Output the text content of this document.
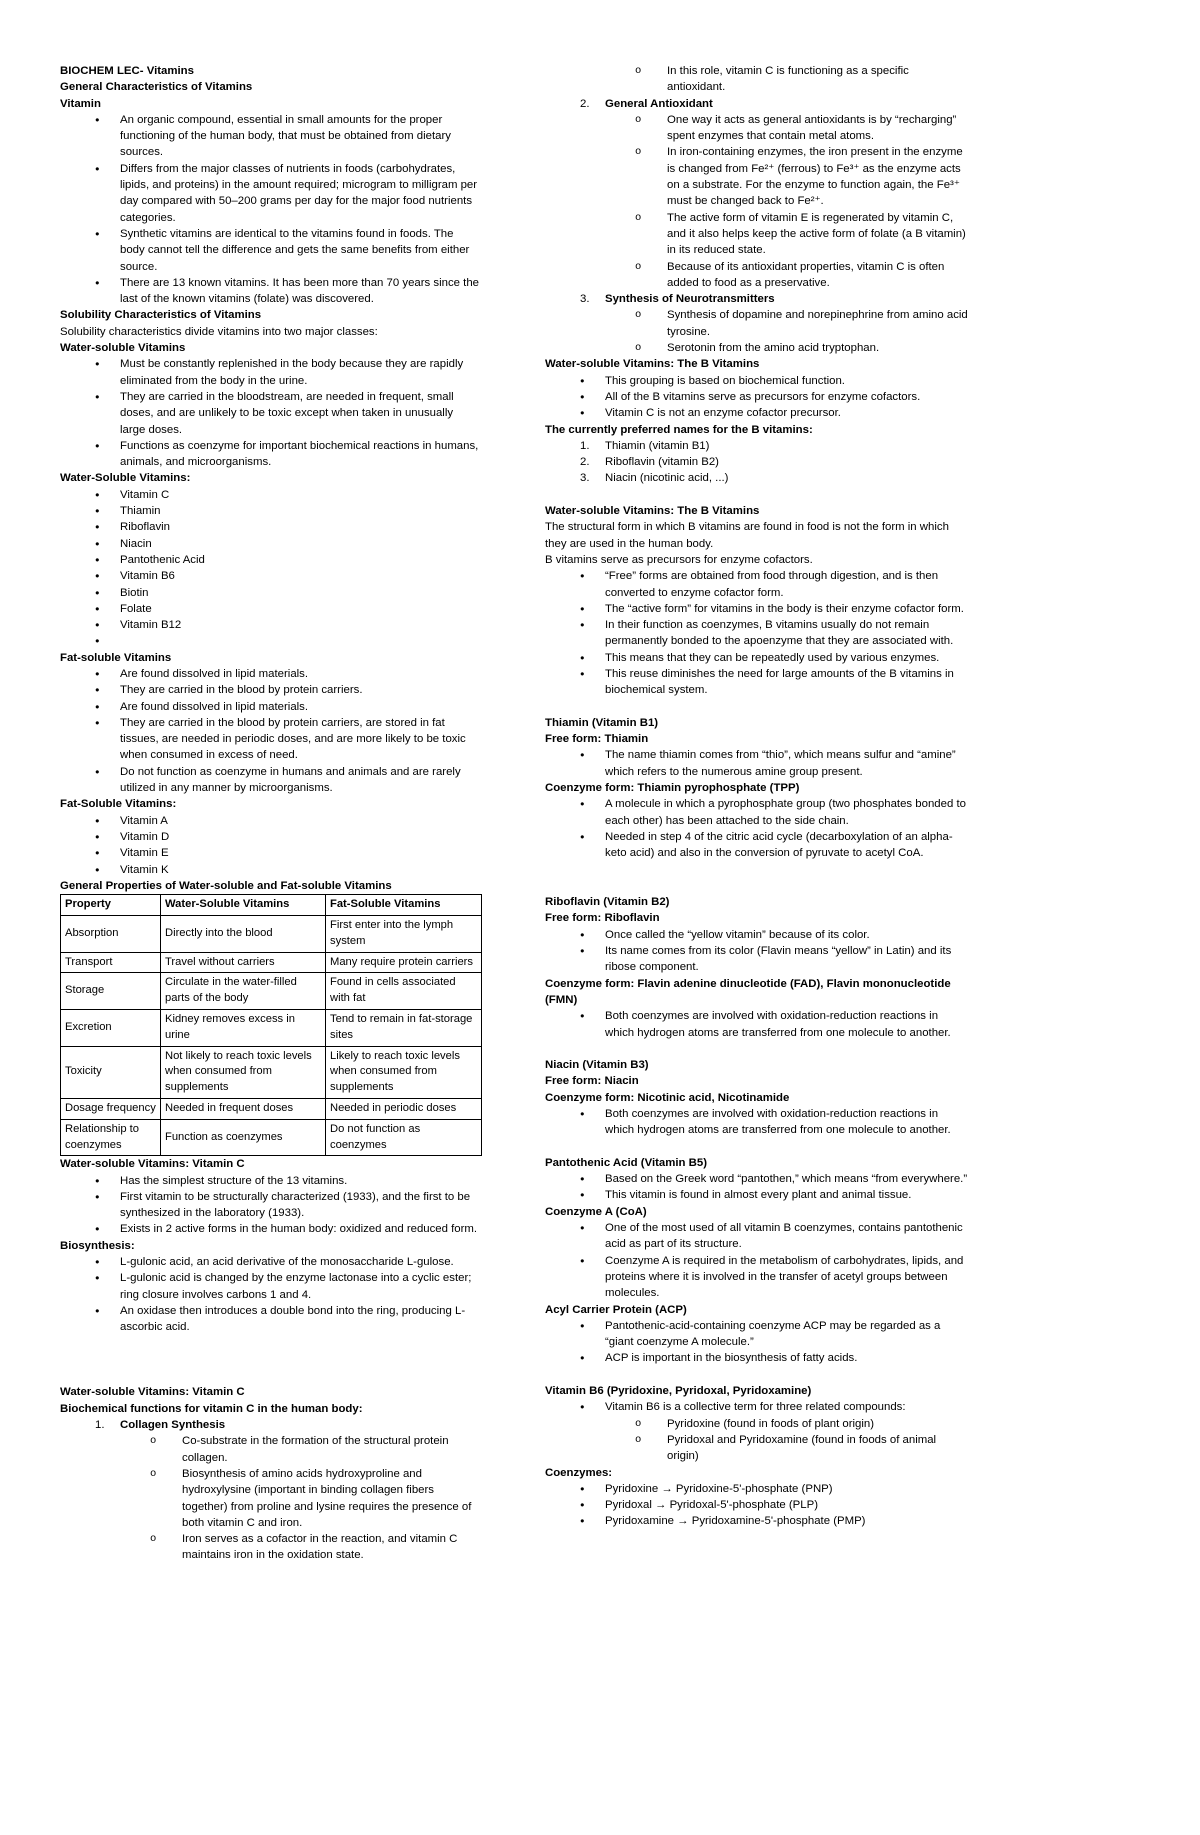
BIOCHEM LEC- Vitamins
General Characteristics of Vitamins
Vitamin
●	An organic compound, essential in small amounts for the proper functioning of the human body, that must be obtained from dietary sources.
●	Differs from the major classes of nutrients in foods (carbohydrates, lipids, and proteins) in the amount required; microgram to milligram per day compared with 50–200 grams per day for the major food nutrients categories.
●	Synthetic vitamins are identical to the vitamins found in foods. The body cannot tell the difference and gets the same benefits from either source.
●	There are 13 known vitamins. It has been more than 70 years since the last of the known vitamins (folate) was discovered.
Solubility Characteristics of Vitamins
Solubility characteristics divide vitamins into two major classes:
Water-soluble Vitamins
●	Must be constantly replenished in the body because they are rapidly eliminated from the body in the urine.
●	They are carried in the bloodstream, are needed in frequent, small doses, and are unlikely to be toxic except when taken in unusually large doses.
●	Functions as coenzyme for important biochemical reactions in humans, animals, and microorganisms.
Water-Soluble Vitamins:
●	Vitamin C
●	Thiamin
●	Riboflavin
●	Niacin
●	Pantothenic Acid
●	Vitamin B6
●	Biotin
●	Folate
●	Vitamin B12
●
Fat-soluble Vitamins
●	Are found dissolved in lipid materials.
●	They are carried in the blood by protein carriers.
●	Are found dissolved in lipid materials.
●	They are carried in the blood by protein carriers, are stored in fat tissues, are needed in periodic doses, and are more likely to be toxic when consumed in excess of need.
●	Do not function as coenzyme in humans and animals and are rarely utilized in any manner by microorganisms.
Fat-Soluble Vitamins:
●	Vitamin A
●	Vitamin D
●	Vitamin E
●	Vitamin K
General Properties of Water-soluble and Fat-soluble Vitamins
Property	Water-Soluble Vitamins	Fat-Soluble Vitamins
Absorption	Directly into the blood	First enter into the lymph system
Transport	Travel without carriers	Many require protein carriers
Storage	Circulate in the water-filled parts of the body	Found in cells associated with fat
Excretion	Kidney removes excess in urine	Tend to remain in fat-storage sites
Toxicity	Not likely to reach toxic levels when consumed from supplements	Likely to reach toxic levels when consumed from supplements
Dosage frequency	Needed in frequent doses	Needed in periodic doses
Relationship to coenzymes	Function as coenzymes	Do not function as coenzymes
Water-soluble Vitamins: Vitamin C
●	Has the simplest structure of the 13 vitamins.
●	First vitamin to be structurally characterized (1933), and the first to be synthesized in the laboratory (1933).
●	Exists in 2 active forms in the human body: oxidized and reduced form.
Biosynthesis:
●	L-gulonic acid, an acid derivative of the monosaccharide L-gulose.
●	L-gulonic acid is changed by the enzyme lactonase into a cyclic ester; ring closure involves carbons 1 and 4.
●	An oxidase then introduces a double bond into the ring, producing L-ascorbic acid.
Water-soluble Vitamins: Vitamin C
Biochemical functions for vitamin C in the human body:
1.	Collagen Synthesis
o	Co-substrate in the formation of the structural protein collagen.
o	Biosynthesis of amino acids hydroxyproline and hydroxylysine (important in binding collagen fibers together) from proline and lysine requires the presence of both vitamin C and iron.
o	Iron serves as a cofactor in the reaction, and vitamin C maintains iron in the oxidation state.
o	In this role, vitamin C is functioning as a specific antioxidant.
2.	General Antioxidant
o	One way it acts as general antioxidants is by “recharging” spent enzymes that contain metal atoms.
o	In iron-containing enzymes, the iron present in the enzyme is changed from Fe²⁺ (ferrous) to Fe³⁺ as the enzyme acts on a substrate. For the enzyme to function again, the Fe³⁺ must be changed back to Fe²⁺.
o	The active form of vitamin E is regenerated by vitamin C, and it also helps keep the active form of folate (a B vitamin) in its reduced state.
o	Because of its antioxidant properties, vitamin C is often added to food as a preservative.
3.	Synthesis of Neurotransmitters
o	Synthesis of dopamine and norepinephrine from amino acid tyrosine.
o	Serotonin from the amino acid tryptophan.
Water-soluble Vitamins: The B Vitamins
●	This grouping is based on biochemical function.
●	All of the B vitamins serve as precursors for enzyme cofactors.
●	Vitamin C is not an enzyme cofactor precursor.
The currently preferred names for the B vitamins:
1.	Thiamin (vitamin B1)
2.	Riboflavin (vitamin B2)
3.	Niacin (nicotinic acid, ...)
Water-soluble Vitamins: The B Vitamins
The structural form in which B vitamins are found in food is not the form in which they are used in the human body.
B vitamins serve as precursors for enzyme cofactors.
●	“Free” forms are obtained from food through digestion, and is then converted to enzyme cofactor form.
●	The “active form” for vitamins in the body is their enzyme cofactor form.
●	In their function as coenzymes, B vitamins usually do not remain permanently bonded to the apoenzyme that they are associated with.
●	This means that they can be repeatedly used by various enzymes.
●	This reuse diminishes the need for large amounts of the B vitamins in biochemical system.
Thiamin (Vitamin B1)
Free form: Thiamin
●	The name thiamin comes from “thio”, which means sulfur and “amine” which refers to the numerous amine group present.
Coenzyme form: Thiamin pyrophosphate (TPP)
●	A molecule in which a pyrophosphate group (two phosphates bonded to each other) has been attached to the side chain.
●	Needed in step 4 of the citric acid cycle (decarboxylation of an alpha-keto acid) and also in the conversion of pyruvate to acetyl CoA.
Riboflavin (Vitamin B2)
Free form: Riboflavin
●	Once called the “yellow vitamin” because of its color.
●	Its name comes from its color (Flavin means “yellow” in Latin) and its ribose component.
Coenzyme form: Flavin adenine dinucleotide (FAD), Flavin mononucleotide (FMN)
●	Both coenzymes are involved with oxidation-reduction reactions in which hydrogen atoms are transferred from one molecule to another.
Niacin (Vitamin B3)
Free form: Niacin
Coenzyme form: Nicotinic acid, Nicotinamide
●	Both coenzymes are involved with oxidation-reduction reactions in which hydrogen atoms are transferred from one molecule to another.
Pantothenic Acid (Vitamin B5)
●	Based on the Greek word “pantothen,” which means “from everywhere.”
●	This vitamin is found in almost every plant and animal tissue.
Coenzyme A (CoA)
●	One of the most used of all vitamin B coenzymes, contains pantothenic acid as part of its structure.
●	Coenzyme A is required in the metabolism of carbohydrates, lipids, and proteins where it is involved in the transfer of acetyl groups between molecules.
Acyl Carrier Protein (ACP)
●	Pantothenic-acid-containing coenzyme ACP may be regarded as a “giant coenzyme A molecule.”
●	ACP is important in the biosynthesis of fatty acids.
Vitamin B6 (Pyridoxine, Pyridoxal, Pyridoxamine)
●	Vitamin B6 is a collective term for three related compounds:
o	Pyridoxine (found in foods of plant origin)
o	Pyridoxal and Pyridoxamine (found in foods of animal origin)
Coenzymes:
●	Pyridoxine → Pyridoxine-5'-phosphate (PNP)
●	Pyridoxal → Pyridoxal-5'-phosphate (PLP)
●	Pyridoxamine → Pyridoxamine-5'-phosphate (PMP)
